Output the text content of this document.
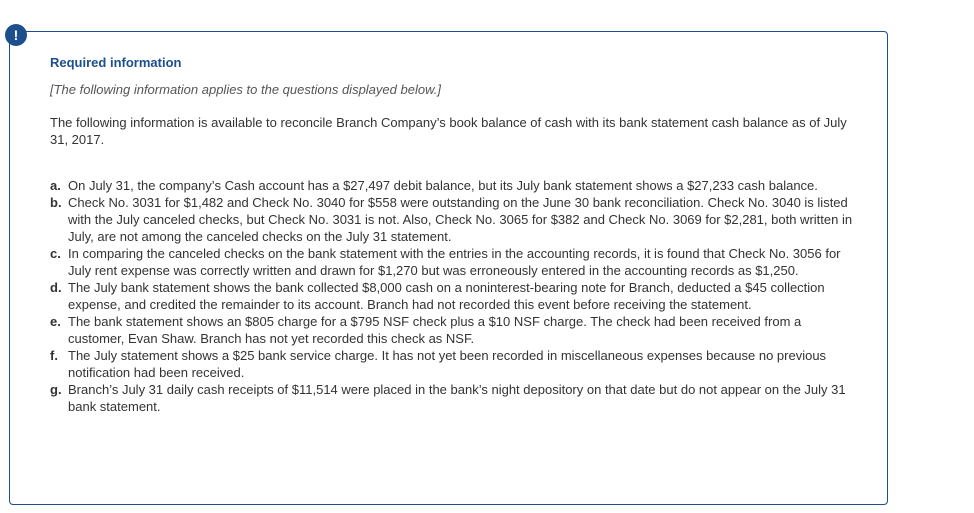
!
Required information

[The following information applies to the questions displayed below.]

The following information is available to reconcile Branch Company’s book balance of cash with its bank statement cash balance as of July 31, 2017.

a. On July 31, the company’s Cash account has a $27,497 debit balance, but its July bank statement shows a $27,233 cash balance.
b. Check No. 3031 for $1,482 and Check No. 3040 for $558 were outstanding on the June 30 bank reconciliation. Check No. 3040 is listed with the July canceled checks, but Check No. 3031 is not. Also, Check No. 3065 for $382 and Check No. 3069 for $2,281, both written in July, are not among the canceled checks on the July 31 statement.
c. In comparing the canceled checks on the bank statement with the entries in the accounting records, it is found that Check No. 3056 for July rent expense was correctly written and drawn for $1,270 but was erroneously entered in the accounting records as $1,250.
d. The July bank statement shows the bank collected $8,000 cash on a noninterest-bearing note for Branch, deducted a $45 collection expense, and credited the remainder to its account. Branch had not recorded this event before receiving the statement.
e. The bank statement shows an $805 charge for a $795 NSF check plus a $10 NSF charge. The check had been received from a customer, Evan Shaw. Branch has not yet recorded this check as NSF.
f. The July statement shows a $25 bank service charge. It has not yet been recorded in miscellaneous expenses because no previous notification had been received.
g. Branch’s July 31 daily cash receipts of $11,514 were placed in the bank’s night depository on that date but do not appear on the July 31 bank statement.
